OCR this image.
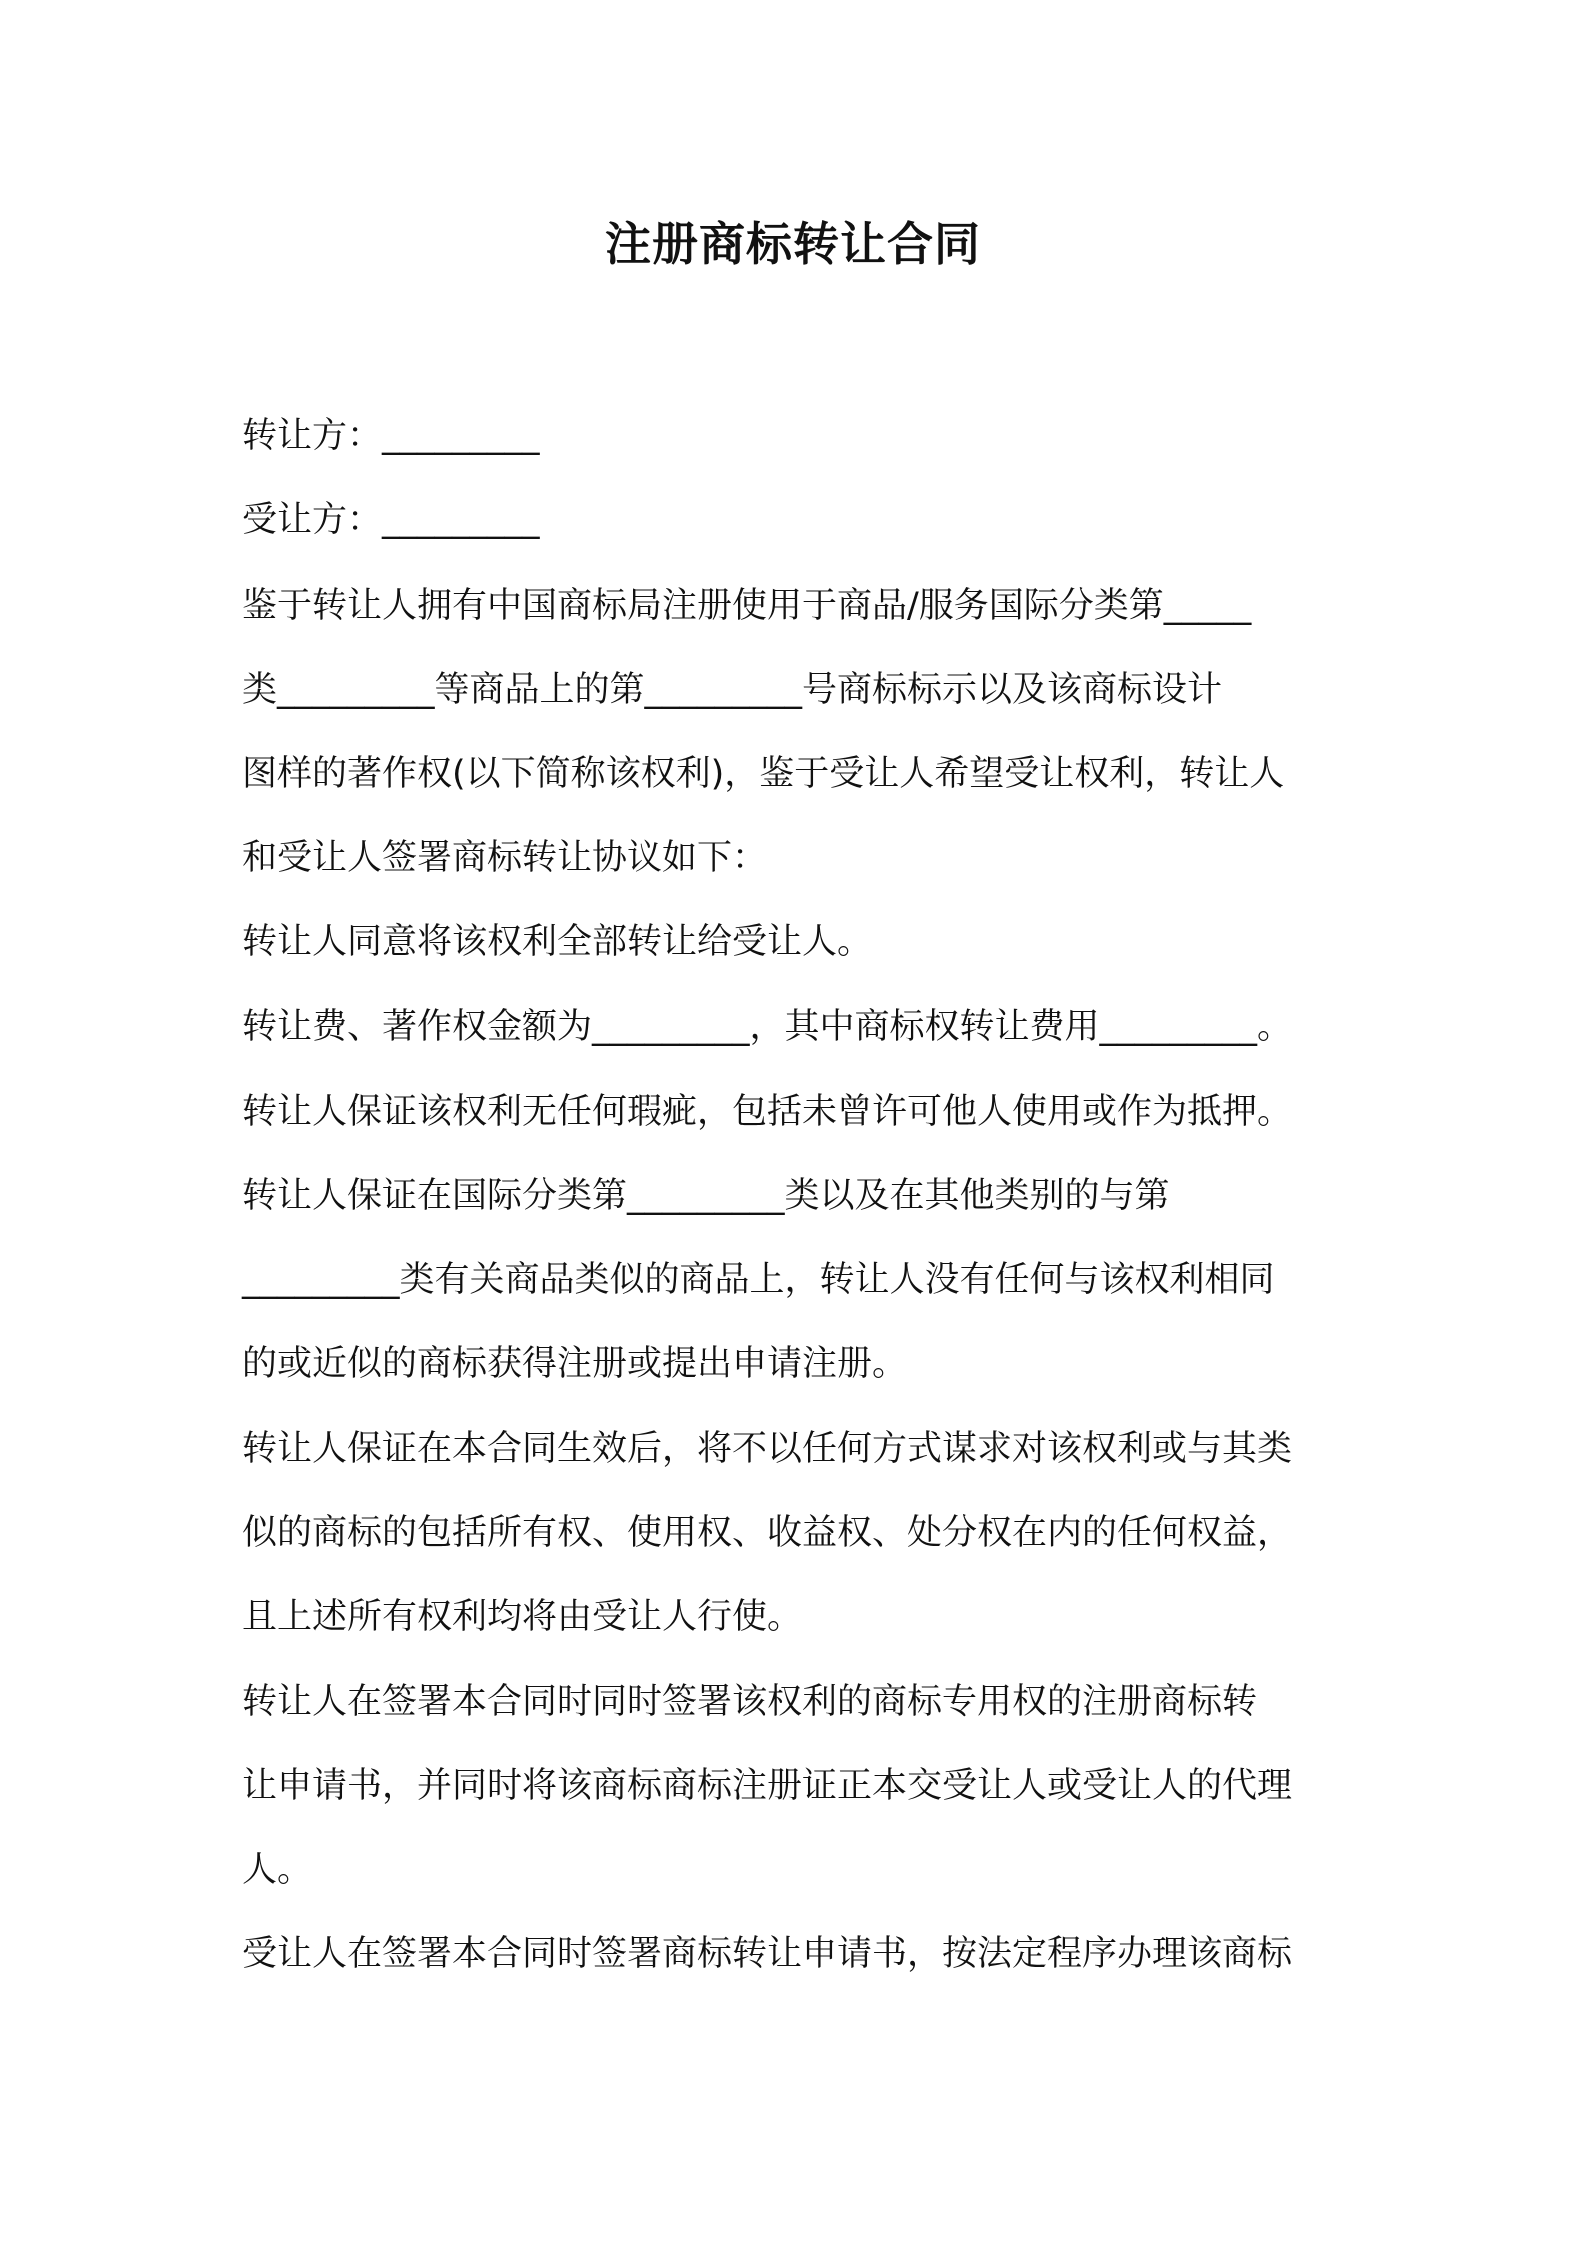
注册商标转让合同
转让方：_________
受让方：_________
鉴于转让人拥有中国商标局注册使用于商品/服务国际分类第_____
类_________等商品上的第_________号商标标示以及该商标设计
图样的著作权(以下简称该权利)，鉴于受让人希望受让权利，转让人
和受让人签署商标转让协议如下：
转让人同意将该权利全部转让给受让人。
转让费、著作权金额为_________，其中商标权转让费用_________。
转让人保证该权利无任何瑕疵，包括未曾许可他人使用或作为抵押。
转让人保证在国际分类第_________类以及在其他类别的与第
_________类有关商品类似的商品上，转让人没有任何与该权利相同
的或近似的商标获得注册或提出申请注册。
转让人保证在本合同生效后，将不以任何方式谋求对该权利或与其类
似的商标的包括所有权、使用权、收益权、处分权在内的任何权益，
且上述所有权利均将由受让人行使。
转让人在签署本合同时同时签署该权利的商标专用权的注册商标转
让申请书，并同时将该商标商标注册证正本交受让人或受让人的代理
人。
受让人在签署本合同时签署商标转让申请书，按法定程序办理该商标
